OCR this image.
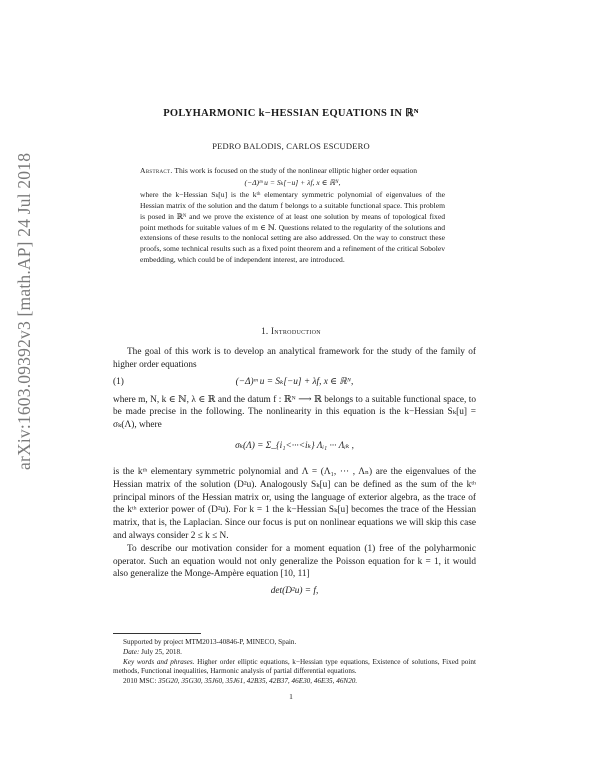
arXiv:1603.09392v3 [math.AP] 24 Jul 2018
POLYHARMONIC k−HESSIAN EQUATIONS IN ℝᴺ
PEDRO BALODIS, CARLOS ESCUDERO
Abstract. This work is focused on the study of the nonlinear elliptic higher order equation
(−Δ)ᵐ u = Sₖ[−u] + λf, x ∈ ℝᴺ,
where the k−Hessian Sₖ[u] is the kᵗʰ elementary symmetric polynomial of eigenvalues of the Hessian matrix of the solution and the datum f belongs to a suitable functional space. This problem is posed in ℝᴺ and we prove the existence of at least one solution by means of topological fixed point methods for suitable values of m ∈ ℕ. Questions related to the regularity of the solutions and extensions of these results to the nonlocal setting are also addressed. On the way to construct these proofs, some technical results such as a fixed point theorem and a refinement of the critical Sobolev embedding, which could be of independent interest, are introduced.
1. Introduction

The goal of this work is to develop an analytical framework for the study of the family of higher order equations

(1)	(−Δ)ᵐ u = Sₖ[−u] + λf, x ∈ ℝᴺ,

where m, N, k ∈ ℕ, λ ∈ ℝ and the datum f : ℝᴺ ⟶ ℝ belongs to a suitable functional space, to be made precise in the following. The nonlinearity in this equation is the k−Hessian Sₖ[u] = σₖ(Λ), where

σₖ(Λ) = Σ_{i₁<···<iₖ} Λᵢ₁ ··· Λᵢₖ ,

is the kᵗʰ elementary symmetric polynomial and Λ = (Λ₁, ··· , Λₙ) are the eigenvalues of the Hessian matrix of the solution (D²u). Analogously Sₖ[u] can be defined as the sum of the kᵗʰ principal minors of the Hessian matrix or, using the language of exterior algebra, as the trace of the kᵗʰ exterior power of (D²u). For k = 1 the k−Hessian Sₖ[u] becomes the trace of the Hessian matrix, that is, the Laplacian. Since our focus is put on nonlinear equations we will skip this case and always consider 2 ≤ k ≤ N.

To describe our motivation consider for a moment equation (1) free of the polyharmonic operator. Such an equation would not only generalize the Poisson equation for k = 1, it would also generalize the Monge-Ampère equation [10, 11]

det(D²u) = f,

Supported by project MTM2013-40846-P, MINECO, Spain.

Date: July 25, 2018.

Key words and phrases. Higher order elliptic equations, k−Hessian type equations, Existence of solutions, Fixed point methods, Functional inequalities, Harmonic analysis of partial differential equations.

2010 MSC: 35G20, 35G30, 35J60, 35J61, 42B35, 42B37, 46E30, 46E35, 46N20.

1
